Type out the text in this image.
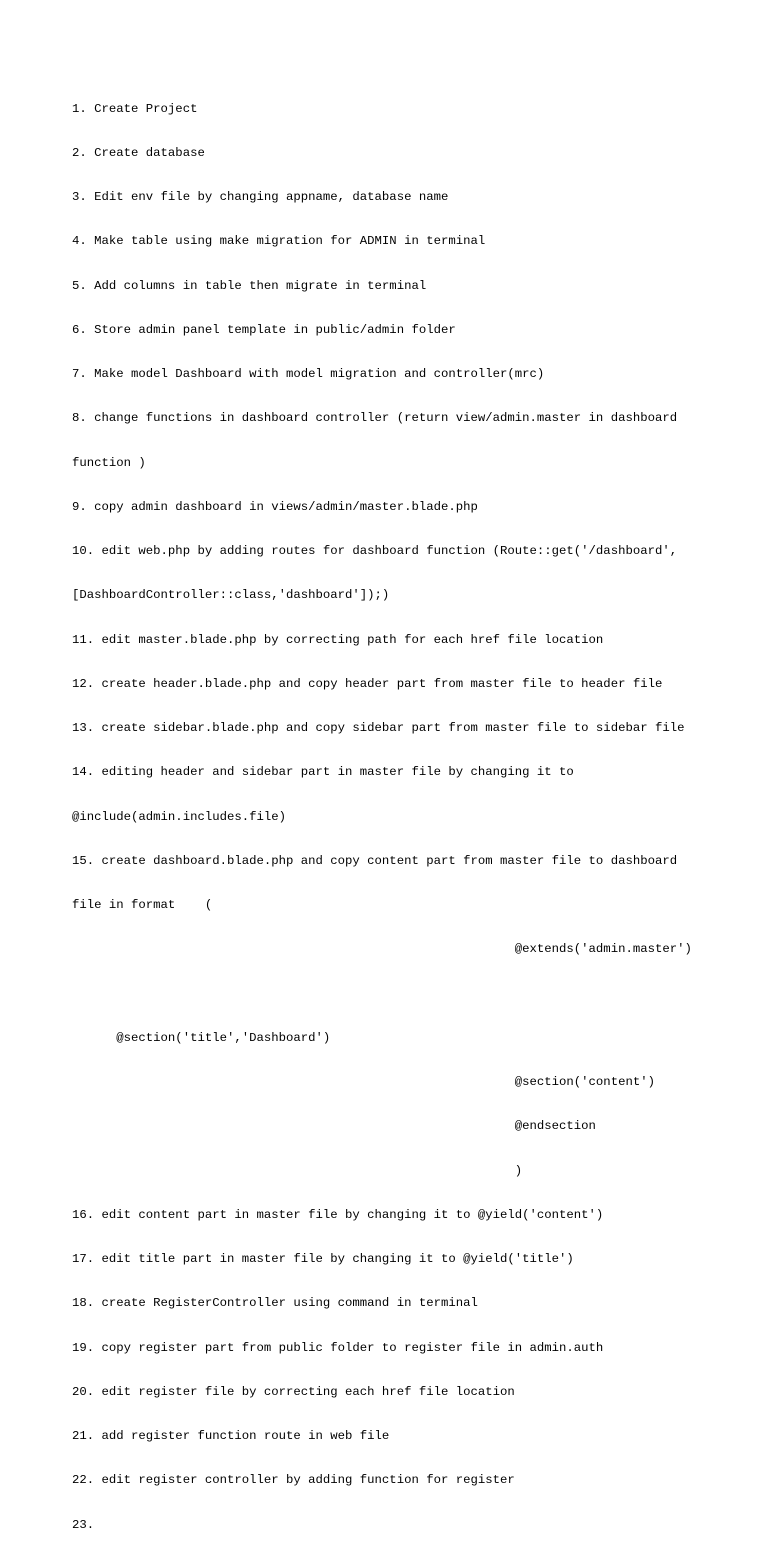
1. Create Project

2. Create database

3. Edit env file by changing appname, database name

4. Make table using make migration for ADMIN in terminal

5. Add columns in table then migrate in terminal

6. Store admin panel template in public/admin folder

7. Make model Dashboard with model migration and controller(mrc)

8. change functions in dashboard controller (return view/admin.master in dashboard

function )

9. copy admin dashboard in views/admin/master.blade.php

10. edit web.php by adding routes for dashboard function (Route::get('/dashboard',

[DashboardController::class,'dashboard']);)

11. edit master.blade.php by correcting path for each href file location

12. create header.blade.php and copy header part from master file to header file

13. create sidebar.blade.php and copy sidebar part from master file to sidebar file

14. editing header and sidebar part in master file by changing it to

@include(admin.includes.file)

15. create dashboard.blade.php and copy content part from master file to dashboard

file in format    (

@extends('admin.master')

@section('title','Dashboard')

@section('content')

@endsection

)

16. edit content part in master file by changing it to @yield('content')

17. edit title part in master file by changing it to @yield('title')

18. create RegisterController using command in terminal

19. copy register part from public folder to register file in admin.auth

20. edit register file by correcting each href file location

21. add register function route in web file

22. edit register controller by adding function for register

23.
